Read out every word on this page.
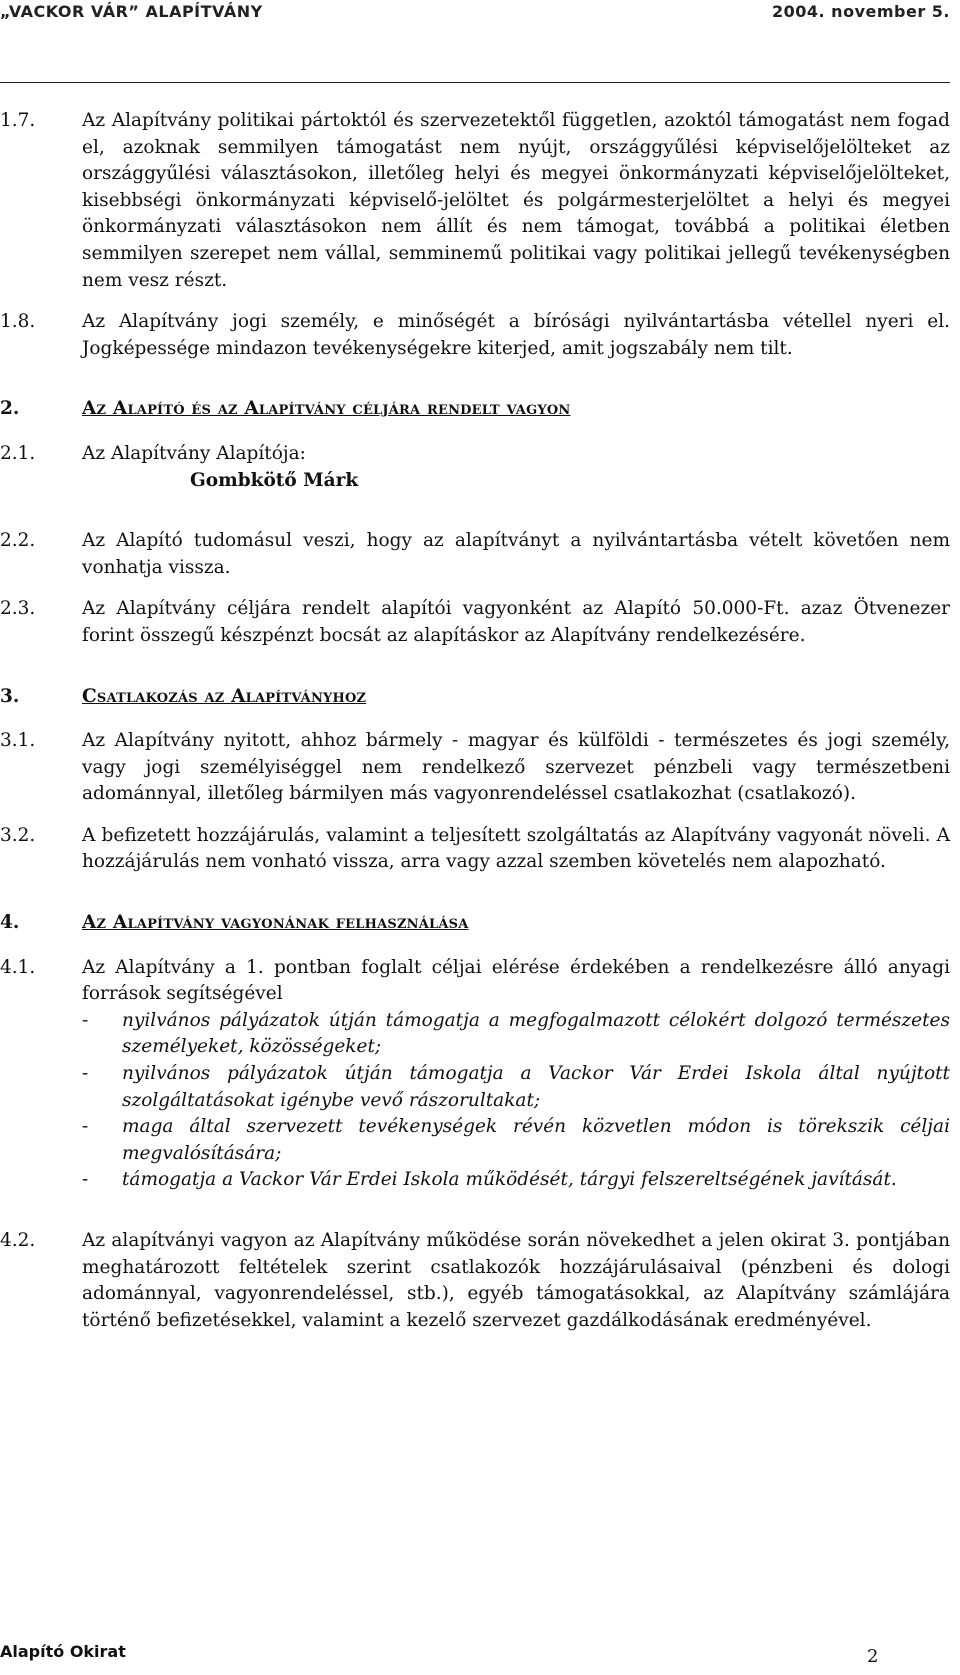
„VACKOR VÁR” ALAPÍTVÁNY	2004. november 5.
1.7.	Az Alapítvány politikai pártoktól és szervezetektől független, azoktól támogatást nem fogad el, azoknak semmilyen támogatást nem nyújt, országgyűlési képviselőjelölteket az országgyűlési választásokon, illetőleg helyi és megyei önkormányzati képviselőjelölteket, kisebbségi önkormányzati képviselő-jelöltet és polgármesterjelöltet a helyi és megyei önkormányzati választásokon nem állít és nem támogat, továbbá a politikai életben semmilyen szerepet nem vállal, semminemű politikai vagy politikai jellegű tevékenységben nem vesz részt.
1.8.	Az Alapítvány jogi személy, e minőségét a bírósági nyilvántartásba vétellel nyeri el. Jogképessége mindazon tevékenységekre kiterjed, amit jogszabály nem tilt.
2.	Az Alapító és az Alapítvány céljára rendelt vagyon
2.1.	Az Alapítvány Alapítója:
Gombkötő Márk
2.2.	Az Alapító tudomásul veszi, hogy az alapítványt a nyilvántartásba vételt követően nem vonhatja vissza.
2.3.	Az Alapítvány céljára rendelt alapítói vagyonként az Alapító 50.000-Ft. azaz Ötvenezer forint összegű készpénzt bocsát az alapításkor az Alapítvány rendelkezésére.
3.	Csatlakozás az Alapítványhoz
3.1.	Az Alapítvány nyitott, ahhoz bármely - magyar és külföldi - természetes és jogi személy, vagy jogi személyiséggel nem rendelkező szervezet pénzbeli vagy természetbeni adománnyal, illetőleg bármilyen más vagyonrendeléssel csatlakozhat (csatlakozó).
3.2.	A befizetett hozzájárulás, valamint a teljesített szolgáltatás az Alapítvány vagyonát növeli. A hozzájárulás nem vonható vissza, arra vagy azzal szemben követelés nem alapozható.
4.	Az Alapítvány vagyonának felhasználása
4.1.	Az Alapítvány a 1. pontban foglalt céljai elérése érdekében a rendelkezésre álló anyagi források segítségével
-	nyilvános pályázatok útján támogatja a megfogalmazott célokért dolgozó természetes személyeket, közösségeket;
-	nyilvános pályázatok útján támogatja a Vackor Vár Erdei Iskola által nyújtott szolgáltatásokat igénybe vevő rászorultakat;
-	maga által szervezett tevékenységek révén közvetlen módon is törekszik céljai megvalósítására;
-	támogatja a Vackor Vár Erdei Iskola működését, tárgyi felszereltségének javítását.
4.2.	Az alapítványi vagyon az Alapítvány működése során növekedhet a jelen okirat 3. pontjában meghatározott feltételek szerint csatlakozók hozzájárulásaival (pénzbeni és dologi adománnyal, vagyonrendeléssel, stb.), egyéb támogatásokkal, az Alapítvány számlájára történő befizetésekkel, valamint a kezelő szervezet gazdálkodásának eredményével.
Alapító Okirat	2
